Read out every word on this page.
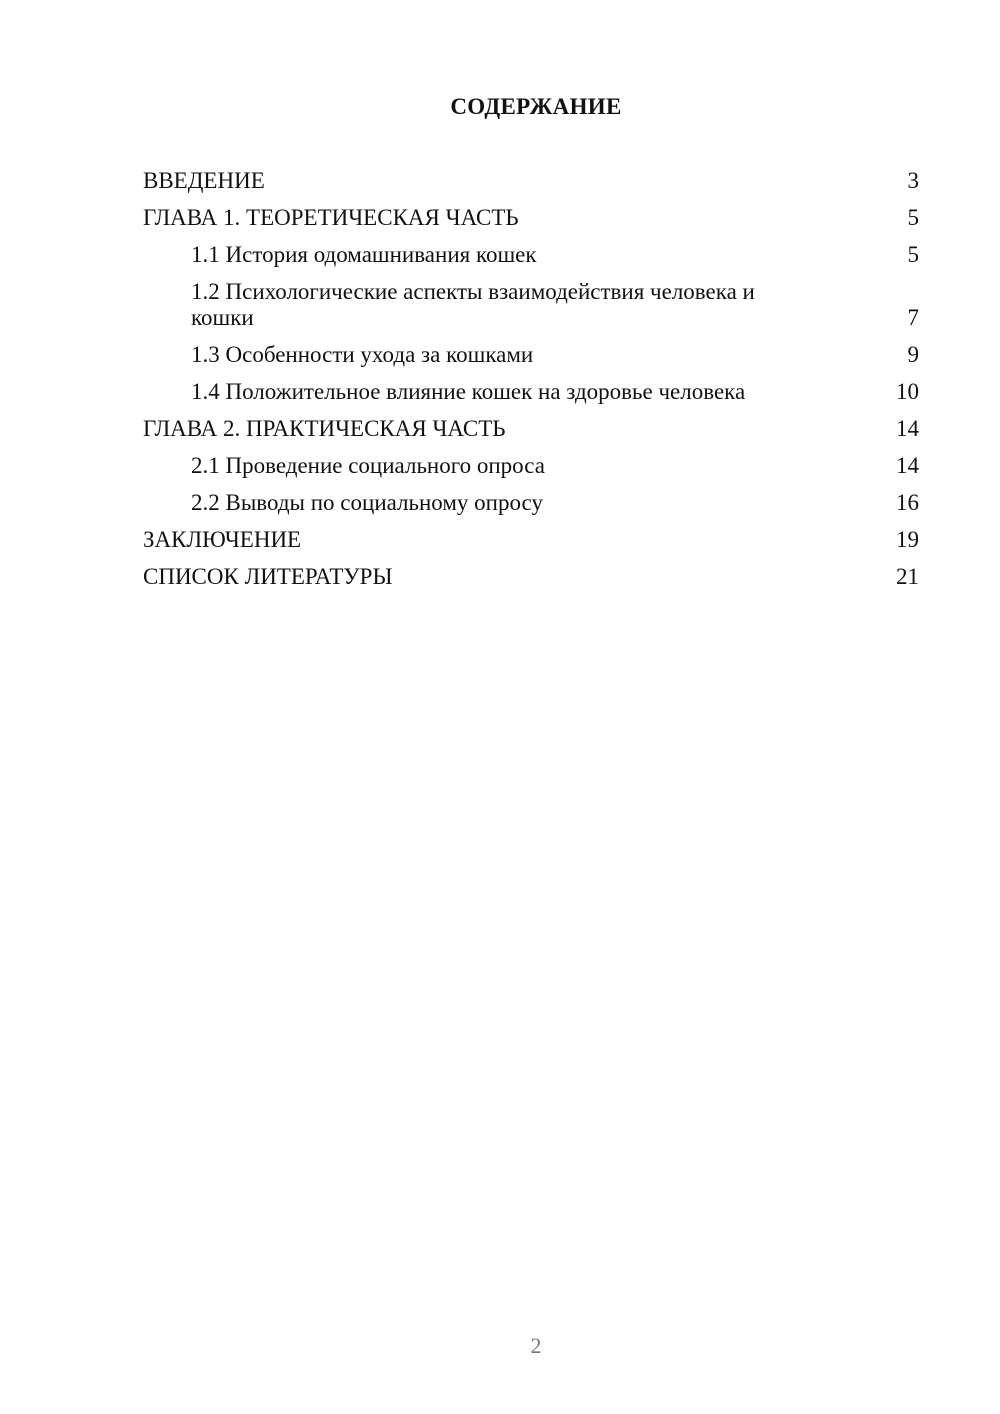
СОДЕРЖАНИЕ
ВВЕДЕНИЕ	3
ГЛАВА 1. ТЕОРЕТИЧЕСКАЯ ЧАСТЬ	5
1.1 История одомашнивания кошек	5
1.2 Психологические аспекты взаимодействия человека и кошки	7
1.3 Особенности ухода за кошками	9
1.4 Положительное влияние кошек на здоровье человека	10
ГЛАВА 2. ПРАКТИЧЕСКАЯ ЧАСТЬ	14
2.1 Проведение социального опроса	14
2.2 Выводы по социальному опросу	16
ЗАКЛЮЧЕНИЕ	19
СПИСОК ЛИТЕРАТУРЫ	21
2
